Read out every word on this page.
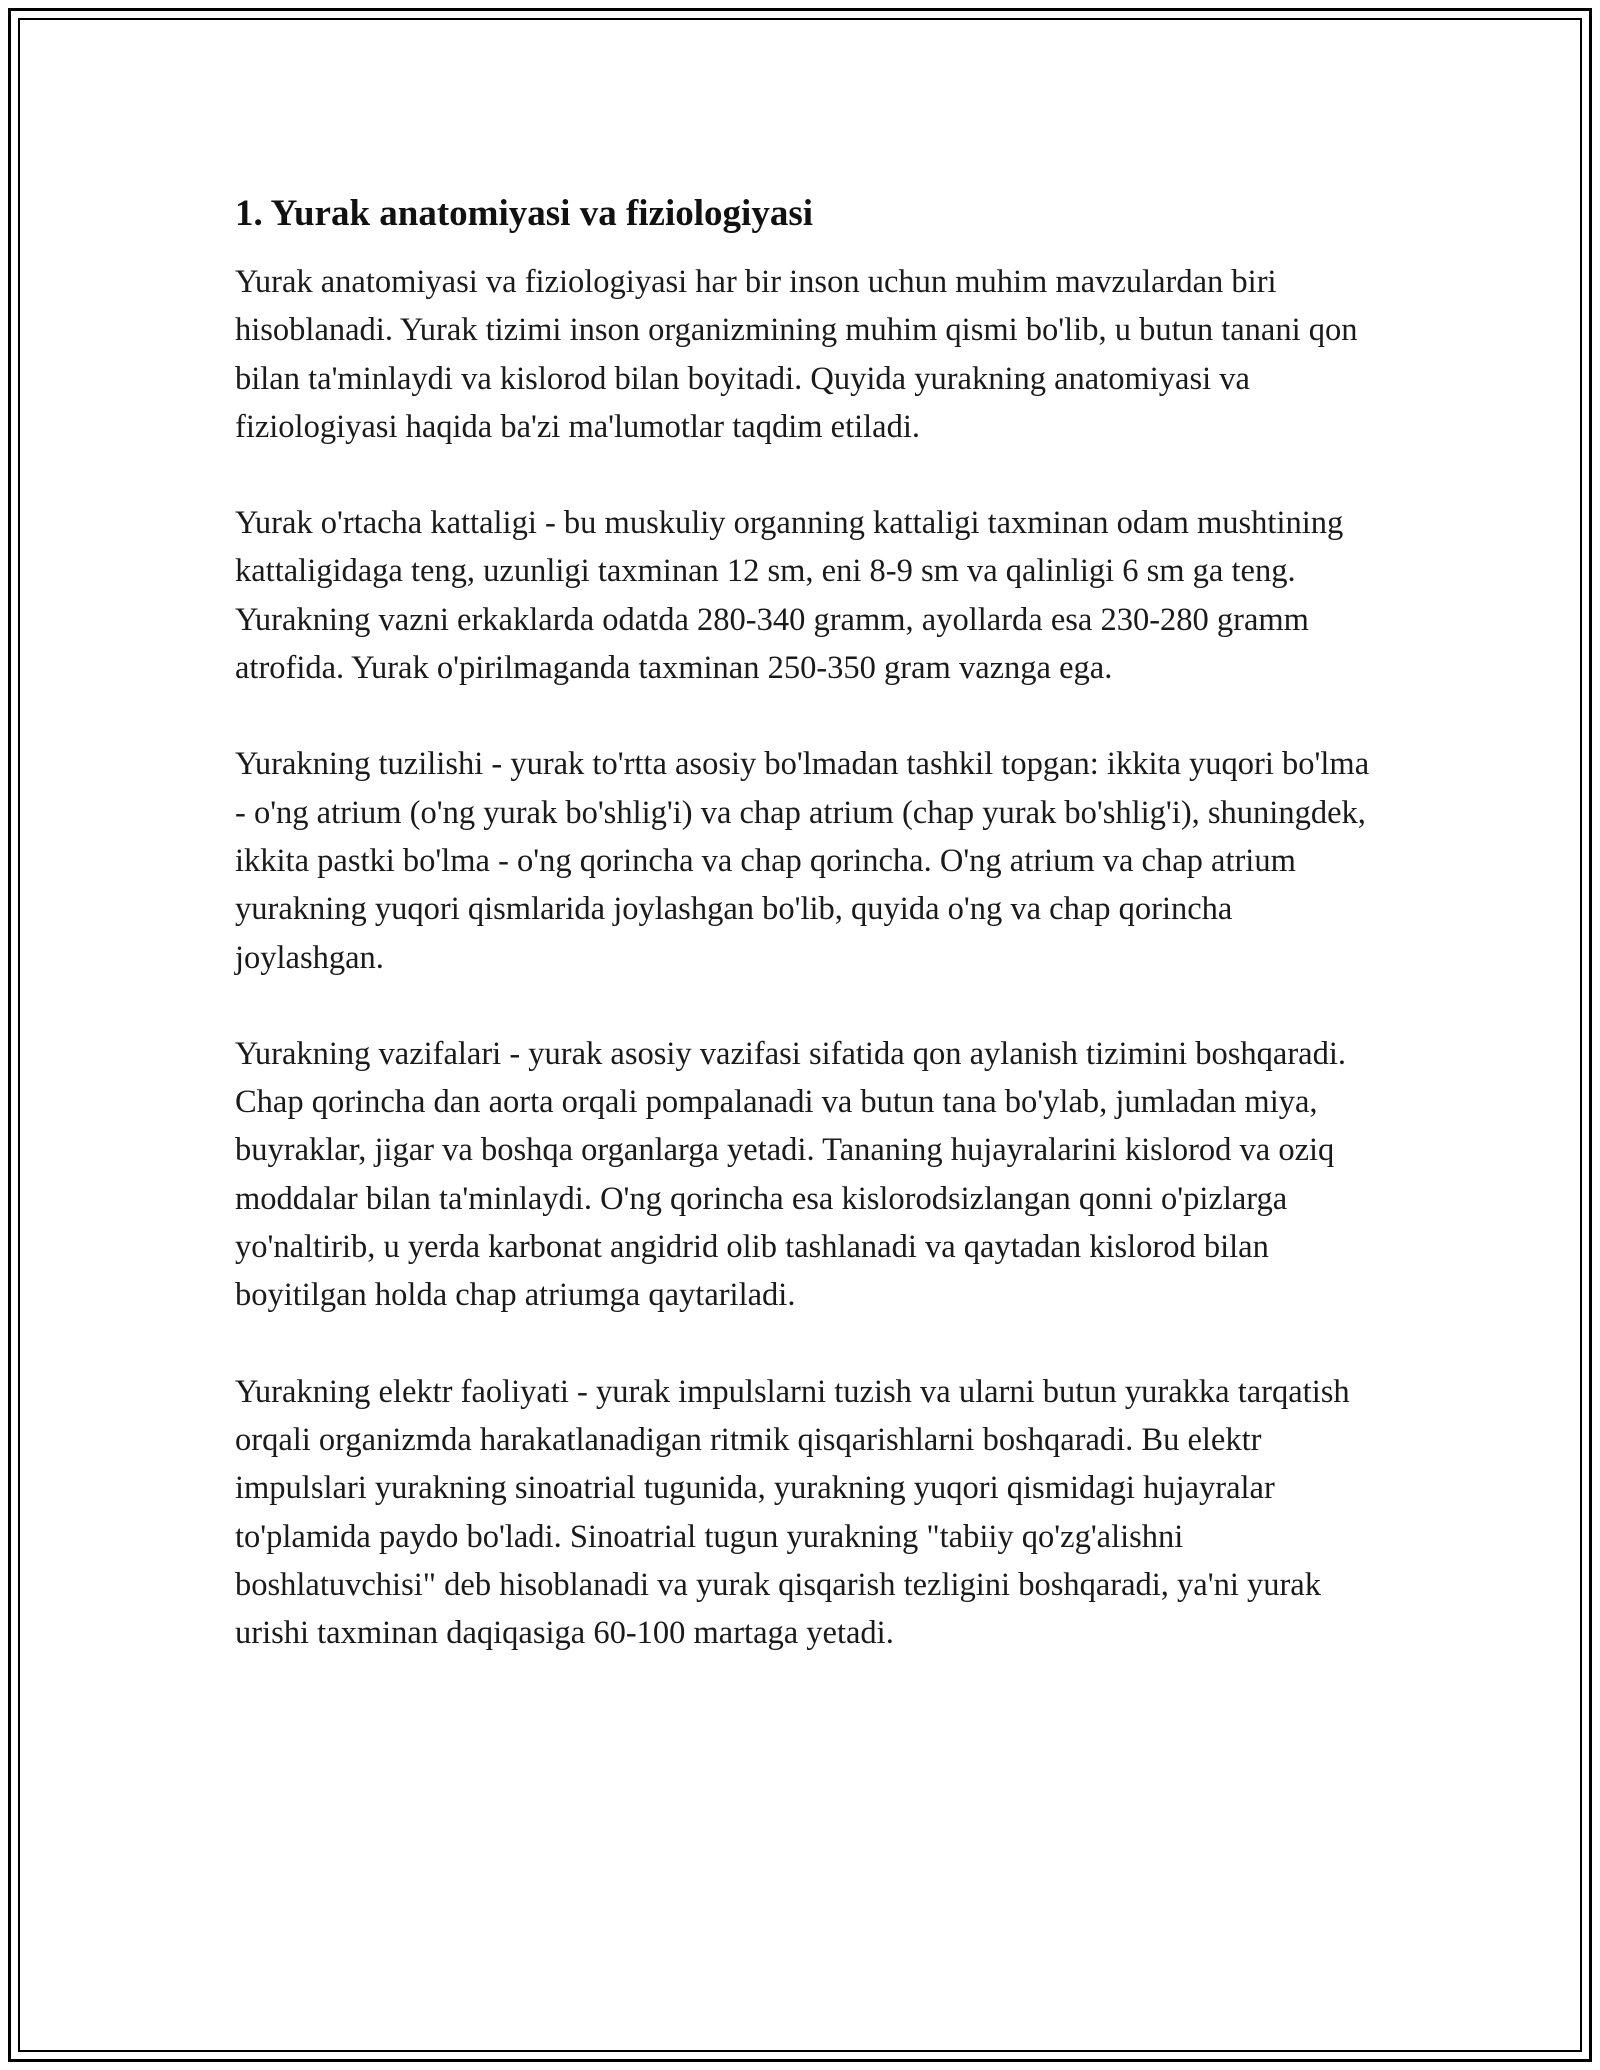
1. Yurak anatomiyasi va fiziologiyasi

Yurak anatomiyasi va fiziologiyasi har bir inson uchun muhim mavzulardan biri hisoblanadi. Yurak tizimi inson organizmining muhim qismi bo'lib, u butun tanani qon bilan ta'minlaydi va kislorod bilan boyitadi. Quyida yurakning anatomiyasi va fiziologiyasi haqida ba'zi ma'lumotlar taqdim etiladi.

Yurak o'rtacha kattaligi - bu muskuliy organning kattaligi taxminan odam mushtining kattaligidaga teng, uzunligi taxminan 12 sm, eni 8-9 sm va qalinligi 6 sm ga teng. Yurakning vazni erkaklarda odatda 280-340 gramm, ayollarda esa 230-280 gramm atrofida. Yurak o'pirilmaganda taxminan 250-350 gram vaznga ega.

Yurakning tuzilishi - yurak to'rtta asosiy bo'lmadan tashkil topgan: ikkita yuqori bo'lma - o'ng atrium (o'ng yurak bo'shlig'i) va chap atrium (chap yurak bo'shlig'i), shuningdek, ikkita pastki bo'lma - o'ng qorincha va chap qorincha. O'ng atrium va chap atrium yurakning yuqori qismlarida joylashgan bo'lib, quyida o'ng va chap qorincha joylashgan.

Yurakning vazifalari - yurak asosiy vazifasi sifatida qon aylanish tizimini boshqaradi. Chap qorincha dan aorta orqali pompalanadi va butun tana bo'ylab, jumladan miya, buyraklar, jigar va boshqa organlarga yetadi. Tananing hujayralarini kislorod va oziq moddalar bilan ta'minlaydi. O'ng qorincha esa kislorodsizlangan qonni o'pizlarga yo'naltirib, u yerda karbonat angidrid olib tashlanadi va qaytadan kislorod bilan boyitilgan holda chap atriumga qaytariladi.

Yurakning elektr faoliyati - yurak impulslarni tuzish va ularni butun yurakka tarqatish orqali organizmda harakatlanadigan ritmik qisqarishlarni boshqaradi. Bu elektr impulslari yurakning sinoatrial tugunida, yurakning yuqori qismidagi hujayralar to'plamida paydo bo'ladi. Sinoatrial tugun yurakning "tabiiy qo'zg'alishni boshlatuvchisi" deb hisoblanadi va yurak qisqarish tezligini boshqaradi, ya'ni yurak urishi taxminan daqiqasiga 60-100 martaga yetadi.
